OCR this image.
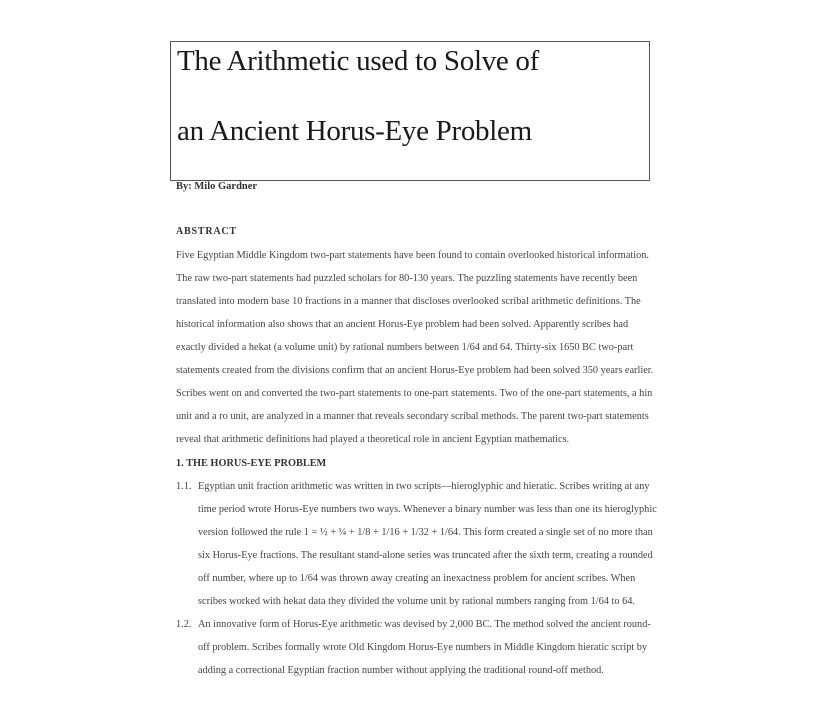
The Arithmetic used to Solve of
an Ancient Horus-Eye Problem
By: Milo Gardner
ABSTRACT
Five Egyptian Middle Kingdom two-part statements have been found to contain overlooked historical information.
The raw two-part statements had puzzled scholars for 80-130 years. The puzzling statements have recently been
translated into modern base 10 fractions in a manner that discloses overlooked scribal arithmetic definitions. The
historical information also shows that an ancient Horus-Eye problem had been solved. Apparently scribes had
exactly divided a hekat (a volume unit) by rational numbers between 1/64 and 64. Thirty-six 1650 BC two-part
statements created from the divisions confirm that an ancient Horus-Eye problem had been solved 350 years earlier.
Scribes went on and converted the two-part statements to one-part statements. Two of the one-part statements, a hin
unit and a ro unit, are analyzed in a manner that reveals secondary scribal methods. The parent two-part statements
reveal that arithmetic definitions had played a theoretical role in ancient Egyptian mathematics.
1. THE HORUS-EYE PROBLEM
1.1. Egyptian unit fraction arithmetic was written in two scripts—hieroglyphic and hieratic. Scribes writing at any
time period wrote Horus-Eye numbers two ways. Whenever a binary number was less than one its hieroglyphic
version followed the rule 1 = ½ + ¼ + 1/8 + 1/16 + 1/32 + 1/64. This form created a single set of no more than
six Horus-Eye fractions. The resultant stand-alone series was truncated after the sixth term, creating a rounded
off number, where up to 1/64 was thrown away creating an inexactness problem for ancient scribes. When
scribes worked with hekat data they divided the volume unit by rational numbers ranging from 1/64 to 64.
1.2. An innovative form of Horus-Eye arithmetic was devised by 2,000 BC. The method solved the ancient round-
off problem. Scribes formally wrote Old Kingdom Horus-Eye numbers in Middle Kingdom hieratic script by
adding a correctional Egyptian fraction number without applying the traditional round-off method.
